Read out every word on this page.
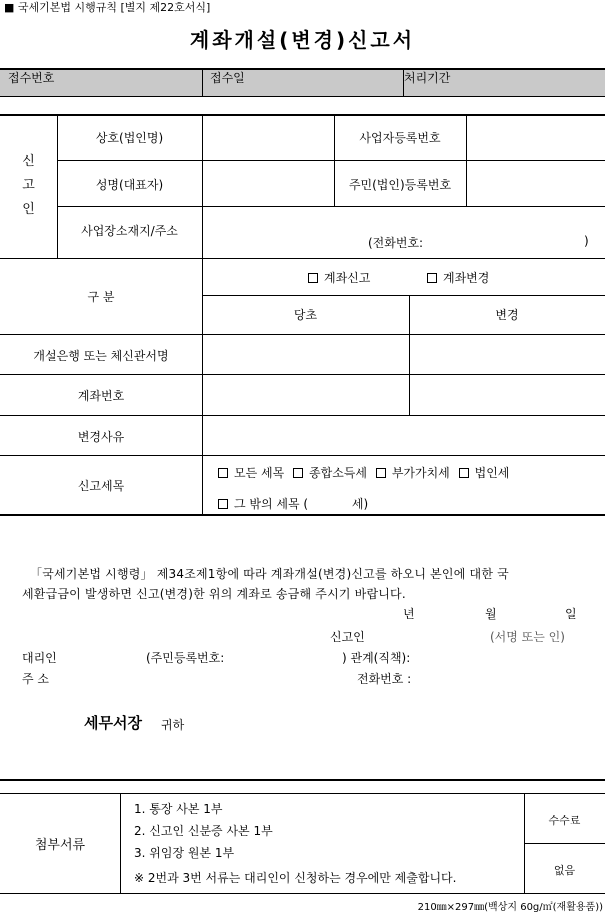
■ 국세기본법 시행규칙 [별지 제22호서식]
계좌개설(변경)신고서
접수번호	접수일	처리기간
신
고
인
상호(법인명)	사업자등록번호
성명(대표자)	주민(법인)등록번호
사업장소재지/주소
(전화번호:	)
구 분
계좌신고	계좌변경
당초	변경
개설은행 또는 체신관서명
계좌번호
변경사유
신고세목
모든 세목 종합소득세 부가가치세 법인세
그 밖의 세목 (	세)
「국세기본법 시행령」 제34조제1항에 따라 계좌개설(변경)신고를 하오니 본인에 대한 국
세환급금이 발생하면 신고(변경)한 위의 계좌로 송금해 주시기 바랍니다.
년	월	일
신고인	(서명 또는 인)
대리인	(주민등록번호:	) 관계(직책):
주 소	전화번호 :
세무서장 귀하
첨부서류
1. 통장 사본 1부
2. 신고인 신분증 사본 1부
3. 위임장 원본 1부
※ 2번과 3번 서류는 대리인이 신청하는 경우에만 제출합니다.
수수료
없음
210㎜×297㎜(백상지 60g/㎡(재활용품))
